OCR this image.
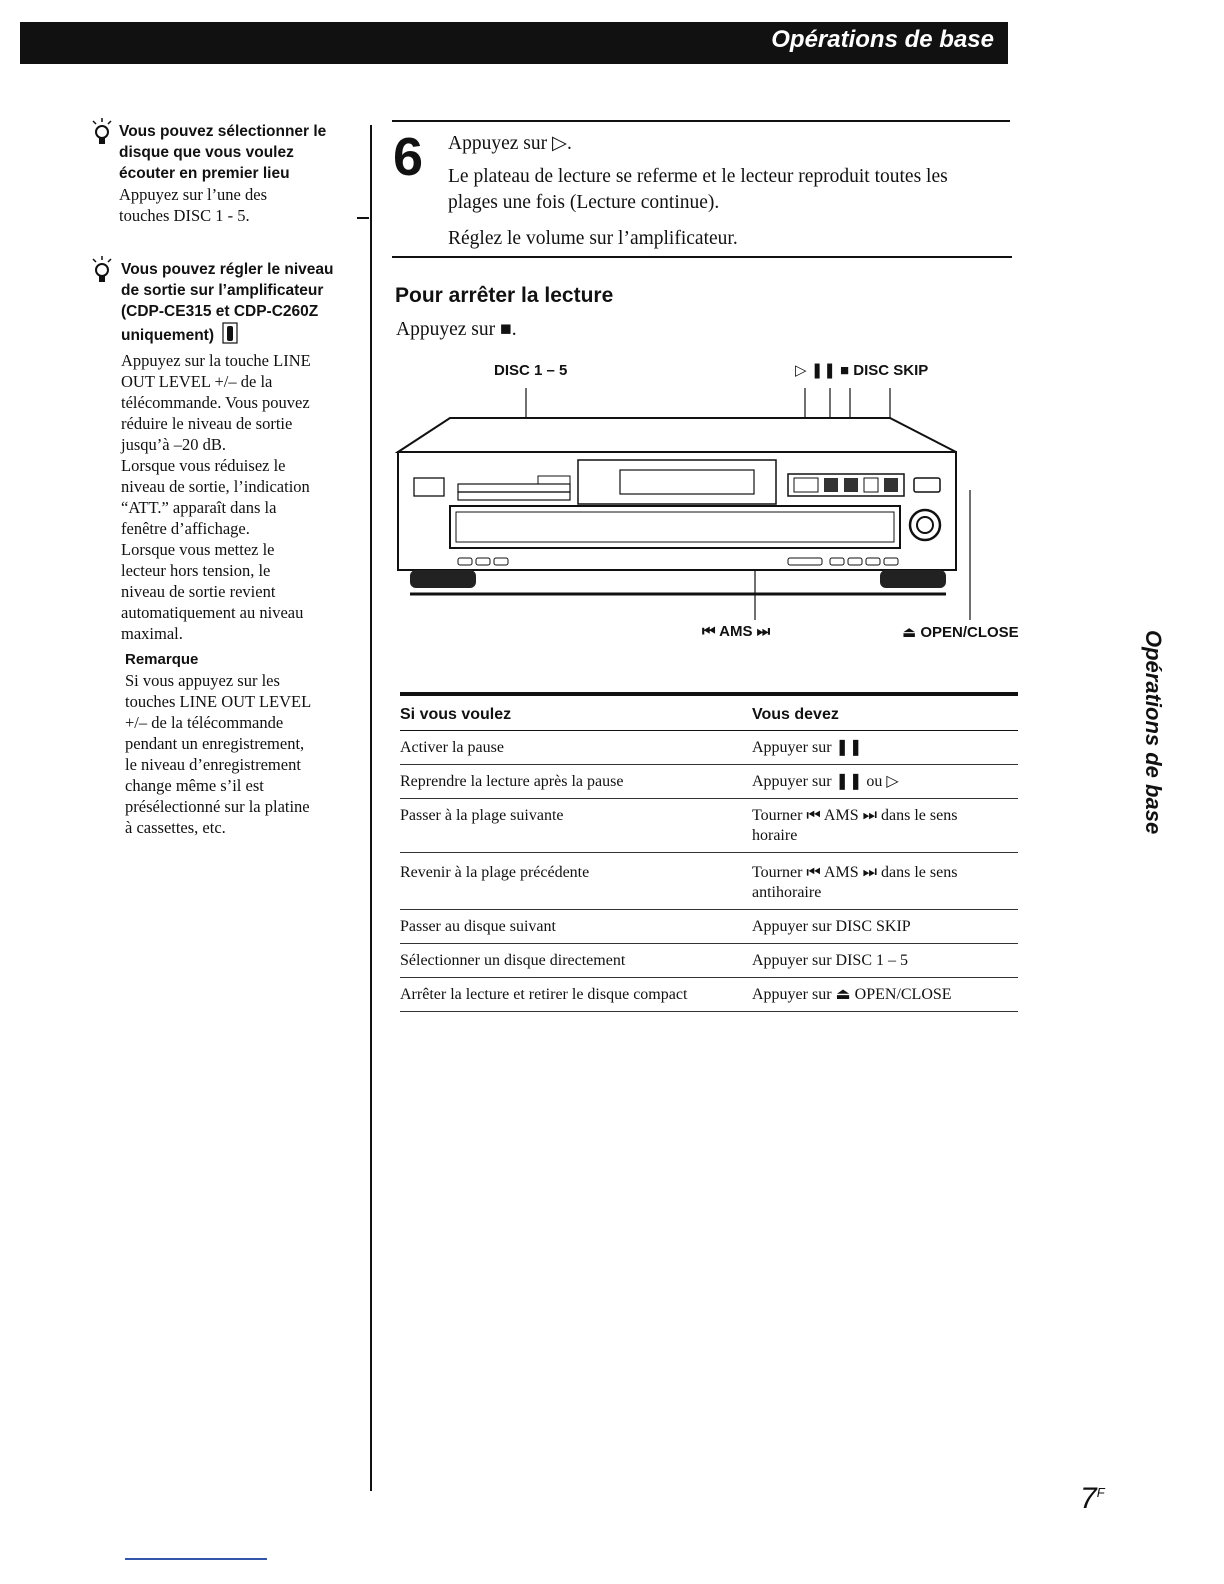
Opérations de base
Vous pouvez sélectionner le
disque que vous voulez
écouter en premier lieu
Appuyez sur l’une des
touches DISC 1 - 5.
Vous pouvez régler le niveau
de sortie sur l’amplificateur
(CDP-CE315 et CDP-C260Z
uniquement)
Appuyez sur la touche LINE
OUT LEVEL +/– de la
télécommande. Vous pouvez
réduire le niveau de sortie
jusqu’à –20 dB.
Lorsque vous réduisez le
niveau de sortie, l’indication
“ATT.” apparaît dans la
fenêtre d’affichage.
Lorsque vous mettez le
lecteur hors tension, le
niveau de sortie revient
automatiquement au niveau
maximal.
Remarque
Si vous appuyez sur les
touches LINE OUT LEVEL
+/– de la télécommande
pendant un enregistrement,
le niveau d’enregistrement
change même s’il est
présélectionné sur la platine
à cassettes, etc.
6 Appuyez sur ▷.
Le plateau de lecture se referme et le lecteur reproduit toutes les
plages une fois (Lecture continue).
Réglez le volume sur l’amplificateur.
Pour arrêter la lecture
Appuyez sur ■.
DISC 1 – 5	▷ ❚❚ ■ DISC SKIP
⏮ AMS ⏭	⏏ OPEN/CLOSE
Si vous voulez	Vous devez
Activer la pause	Appuyer sur ❚❚
Reprendre la lecture après la pause	Appuyer sur ❚❚ ou ▷
Passer à la plage suivante	Tourner ⏮ AMS ⏭ dans le sens horaire
Revenir à la plage précédente	Tourner ⏮ AMS ⏭ dans le sens antihoraire
Passer au disque suivant	Appuyer sur DISC SKIP
Sélectionner un disque directement	Appuyer sur DISC 1 – 5
Arrêter la lecture et retirer le disque compact	Appuyer sur ⏏ OPEN/CLOSE
Opérations de base
$7^F$
